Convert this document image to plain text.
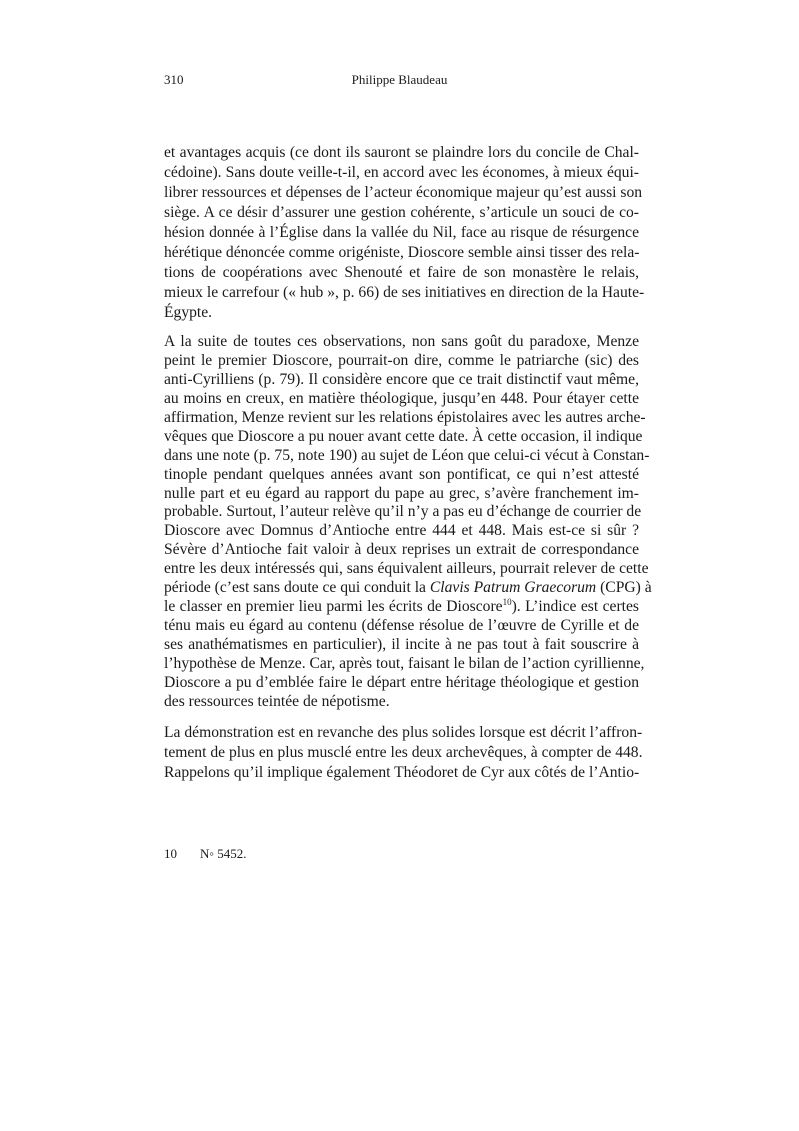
310	Philippe Blaudeau
et avantages acquis (ce dont ils sauront se plaindre lors du concile de Chal-
cédoine). Sans doute veille-t-il, en accord avec les économes, à mieux équi-
librer ressources et dépenses de l’acteur économique majeur qu’est aussi son
siège. A ce désir d’assurer une gestion cohérente, s’articule un souci de co-
hésion donnée à l’Église dans la vallée du Nil, face au risque de résurgence
hérétique dénoncée comme origéniste, Dioscore semble ainsi tisser des rela-
tions de coopérations avec Shenouté et faire de son monastère le relais,
mieux le carrefour (« hub », p. 66) de ses initiatives en direction de la Haute-
Égypte.
A la suite de toutes ces observations, non sans goût du paradoxe, Menze
peint le premier Dioscore, pourrait-on dire, comme le patriarche (sic) des
anti-Cyrilliens (p. 79). Il considère encore que ce trait distinctif vaut même,
au moins en creux, en matière théologique, jusqu’en 448. Pour étayer cette
affirmation, Menze revient sur les relations épistolaires avec les autres arche-
vêques que Dioscore a pu nouer avant cette date. À cette occasion, il indique
dans une note (p. 75, note 190) au sujet de Léon que celui-ci vécut à Constan-
tinople pendant quelques années avant son pontificat, ce qui n’est attesté
nulle part et eu égard au rapport du pape au grec, s’avère franchement im-
probable. Surtout, l’auteur relève qu’il n’y a pas eu d’échange de courrier de
Dioscore avec Domnus d’Antioche entre 444 et 448. Mais est-ce si sûr ?
Sévère d’Antioche fait valoir à deux reprises un extrait de correspondance
entre les deux intéressés qui, sans équivalent ailleurs, pourrait relever de cette
période (c’est sans doute ce qui conduit la Clavis Patrum Graecorum (CPG) à
le classer en premier lieu parmi les écrits de Dioscore$^{10}$). L’indice est certes
ténu mais eu égard au contenu (défense résolue de l’œuvre de Cyrille et de
ses anathématismes en particulier), il incite à ne pas tout à fait souscrire à
l’hypothèse de Menze. Car, après tout, faisant le bilan de l’action cyrillienne,
Dioscore a pu d’emblée faire le départ entre héritage théologique et gestion
des ressources teintée de népotisme.
La démonstration est en revanche des plus solides lorsque est décrit l’affron-
tement de plus en plus musclé entre les deux archevêques, à compter de 448.
Rappelons qu’il implique également Théodoret de Cyr aux côtés de l’Antio-
10 N◦ 5452.
